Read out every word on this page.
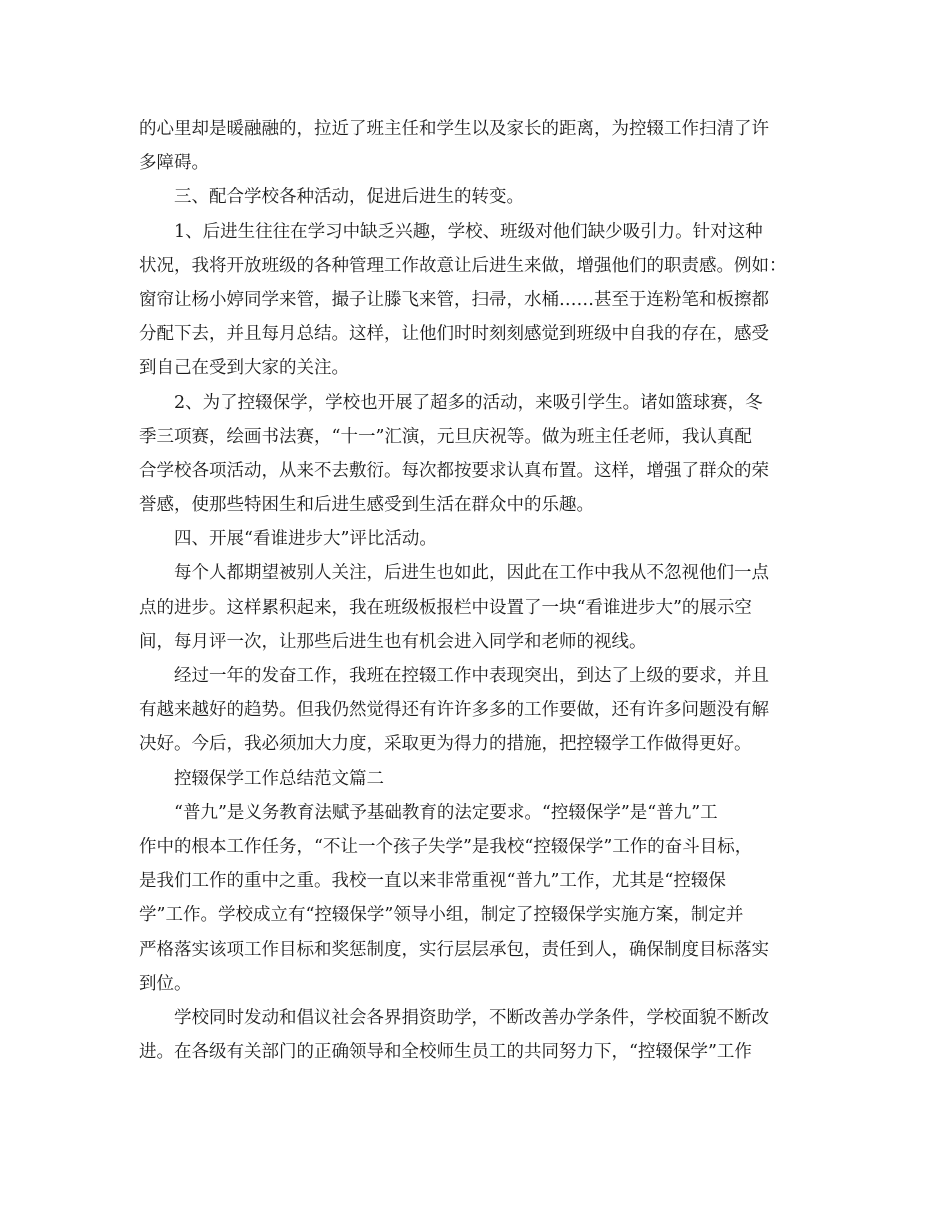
的心里却是暖融融的，拉近了班主任和学生以及家长的距离，为控辍工作扫清了许
多障碍。
三、配合学校各种活动，促进后进生的转变。
1、后进生往往在学习中缺乏兴趣，学校、班级对他们缺少吸引力。针对这种
状况，我将开放班级的各种管理工作故意让后进生来做，增强他们的职责感。例如：
窗帘让杨小婷同学来管，撮子让滕飞来管，扫帚，水桶……甚至于连粉笔和板擦都
分配下去，并且每月总结。这样，让他们时时刻刻感觉到班级中自我的存在，感受
到自己在受到大家的关注。
2、为了控辍保学，学校也开展了超多的活动，来吸引学生。诸如篮球赛，冬
季三项赛，绘画书法赛，“十一”汇演，元旦庆祝等。做为班主任老师，我认真配
合学校各项活动，从来不去敷衍。每次都按要求认真布置。这样，增强了群众的荣
誉感，使那些特困生和后进生感受到生活在群众中的乐趣。
四、开展“看谁进步大”评比活动。
每个人都期望被别人关注，后进生也如此，因此在工作中我从不忽视他们一点
点的进步。这样累积起来，我在班级板报栏中设置了一块“看谁进步大”的展示空
间，每月评一次，让那些后进生也有机会进入同学和老师的视线。
经过一年的发奋工作，我班在控辍工作中表现突出，到达了上级的要求，并且
有越来越好的趋势。但我仍然觉得还有许许多多的工作要做，还有许多问题没有解
决好。今后，我必须加大力度，采取更为得力的措施，把控辍学工作做得更好。
控辍保学工作总结范文篇二
“普九”是义务教育法赋予基础教育的法定要求。“控辍保学”是“普九”工
作中的根本工作任务，“不让一个孩子失学”是我校“控辍保学”工作的奋斗目标，
是我们工作的重中之重。我校一直以来非常重视“普九”工作，尤其是“控辍保
学”工作。学校成立有“控辍保学”领导小组，制定了控辍保学实施方案，制定并
严格落实该项工作目标和奖惩制度，实行层层承包，责任到人，确保制度目标落实
到位。
学校同时发动和倡议社会各界捐资助学，不断改善办学条件，学校面貌不断改
进。在各级有关部门的正确领导和全校师生员工的共同努力下，“控辍保学”工作
